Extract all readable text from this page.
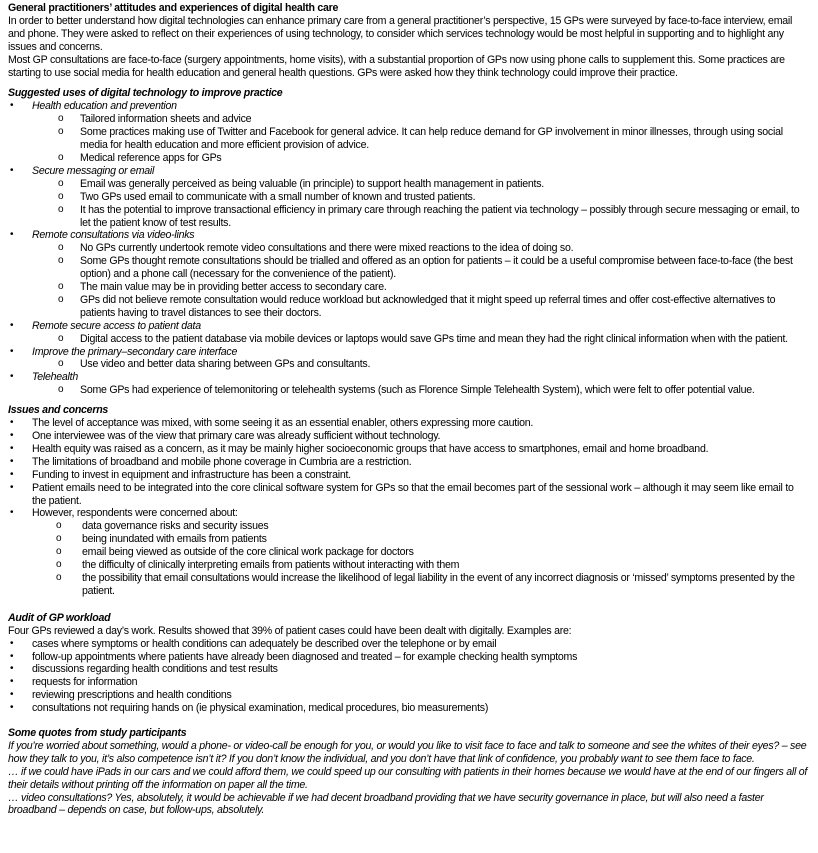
General practitioners’ attitudes and experiences of digital health care

In order to better understand how digital technologies can enhance primary care from a general practitioner’s perspective, 15 GPs were surveyed by face-to-face interview, email and phone. They were asked to reflect on their experiences of using technology, to consider which services technology would be most helpful in supporting and to highlight any issues and concerns.

Most GP consultations are face-to-face (surgery appointments, home visits), with a substantial proportion of GPs now using phone calls to supplement this. Some practices are starting to use social media for health education and general health questions. GPs were asked how they think technology could improve their practice.

Suggested uses of digital technology to improve practice

• Health education and prevention
o Tailored information sheets and advice
o Some practices making use of Twitter and Facebook for general advice. It can help reduce demand for GP involvement in minor illnesses, through using social media for health education and more efficient provision of advice.
o Medical reference apps for GPs
• Secure messaging or email
o Email was generally perceived as being valuable (in principle) to support health management in patients.
o Two GPs used email to communicate with a small number of known and trusted patients.
o It has the potential to improve transactional efficiency in primary care through reaching the patient via technology – possibly through secure messaging or email, to let the patient know of test results.
• Remote consultations via video-links
o No GPs currently undertook remote video consultations and there were mixed reactions to the idea of doing so.
o Some GPs thought remote consultations should be trialled and offered as an option for patients – it could be a useful compromise between face-to-face (the best option) and a phone call (necessary for the convenience of the patient).
o The main value may be in providing better access to secondary care.
o GPs did not believe remote consultation would reduce workload but acknowledged that it might speed up referral times and offer cost-effective alternatives to patients having to travel distances to see their doctors.
• Remote secure access to patient data
o Digital access to the patient database via mobile devices or laptops would save GPs time and mean they had the right clinical information when with the patient.
• Improve the primary–secondary care interface
o Use video and better data sharing between GPs and consultants.
• Telehealth
o Some GPs had experience of telemonitoring or telehealth systems (such as Florence Simple Telehealth System), which were felt to offer potential value.

Issues and concerns

• The level of acceptance was mixed, with some seeing it as an essential enabler, others expressing more caution.
• One interviewee was of the view that primary care was already sufficient without technology.
• Health equity was raised as a concern, as it may be mainly higher socioeconomic groups that have access to smartphones, email and home broadband.
• The limitations of broadband and mobile phone coverage in Cumbria are a restriction.
• Funding to invest in equipment and infrastructure has been a constraint.
• Patient emails need to be integrated into the core clinical software system for GPs so that the email becomes part of the sessional work – although it may seem like email to the patient.
• However, respondents were concerned about:
o data governance risks and security issues
o being inundated with emails from patients
o email being viewed as outside of the core clinical work package for doctors
o the difficulty of clinically interpreting emails from patients without interacting with them
o the possibility that email consultations would increase the likelihood of legal liability in the event of any incorrect diagnosis or ‘missed’ symptoms presented by the patient.

Audit of GP workload

Four GPs reviewed a day’s work. Results showed that 39% of patient cases could have been dealt with digitally. Examples are:

• cases where symptoms or health conditions can adequately be described over the telephone or by email
• follow-up appointments where patients have already been diagnosed and treated – for example checking health symptoms
• discussions regarding health conditions and test results
• requests for information
• reviewing prescriptions and health conditions
• consultations not requiring hands on (ie physical examination, medical procedures, bio measurements)

Some quotes from study participants

If you’re worried about something, would a phone- or video-call be enough for you, or would you like to visit face to face and talk to someone and see the whites of their eyes? – see how they talk to you, it’s also competence isn’t it? If you don’t know the individual, and you don’t have that link of confidence, you probably want to see them face to face.

… if we could have iPads in our cars and we could afford them, we could speed up our consulting with patients in their homes because we would have at the end of our fingers all of their details without printing off the information on paper all the time.

… video consultations? Yes, absolutely, it would be achievable if we had decent broadband providing that we have security governance in place, but will also need a faster broadband – depends on case, but follow-ups, absolutely.
